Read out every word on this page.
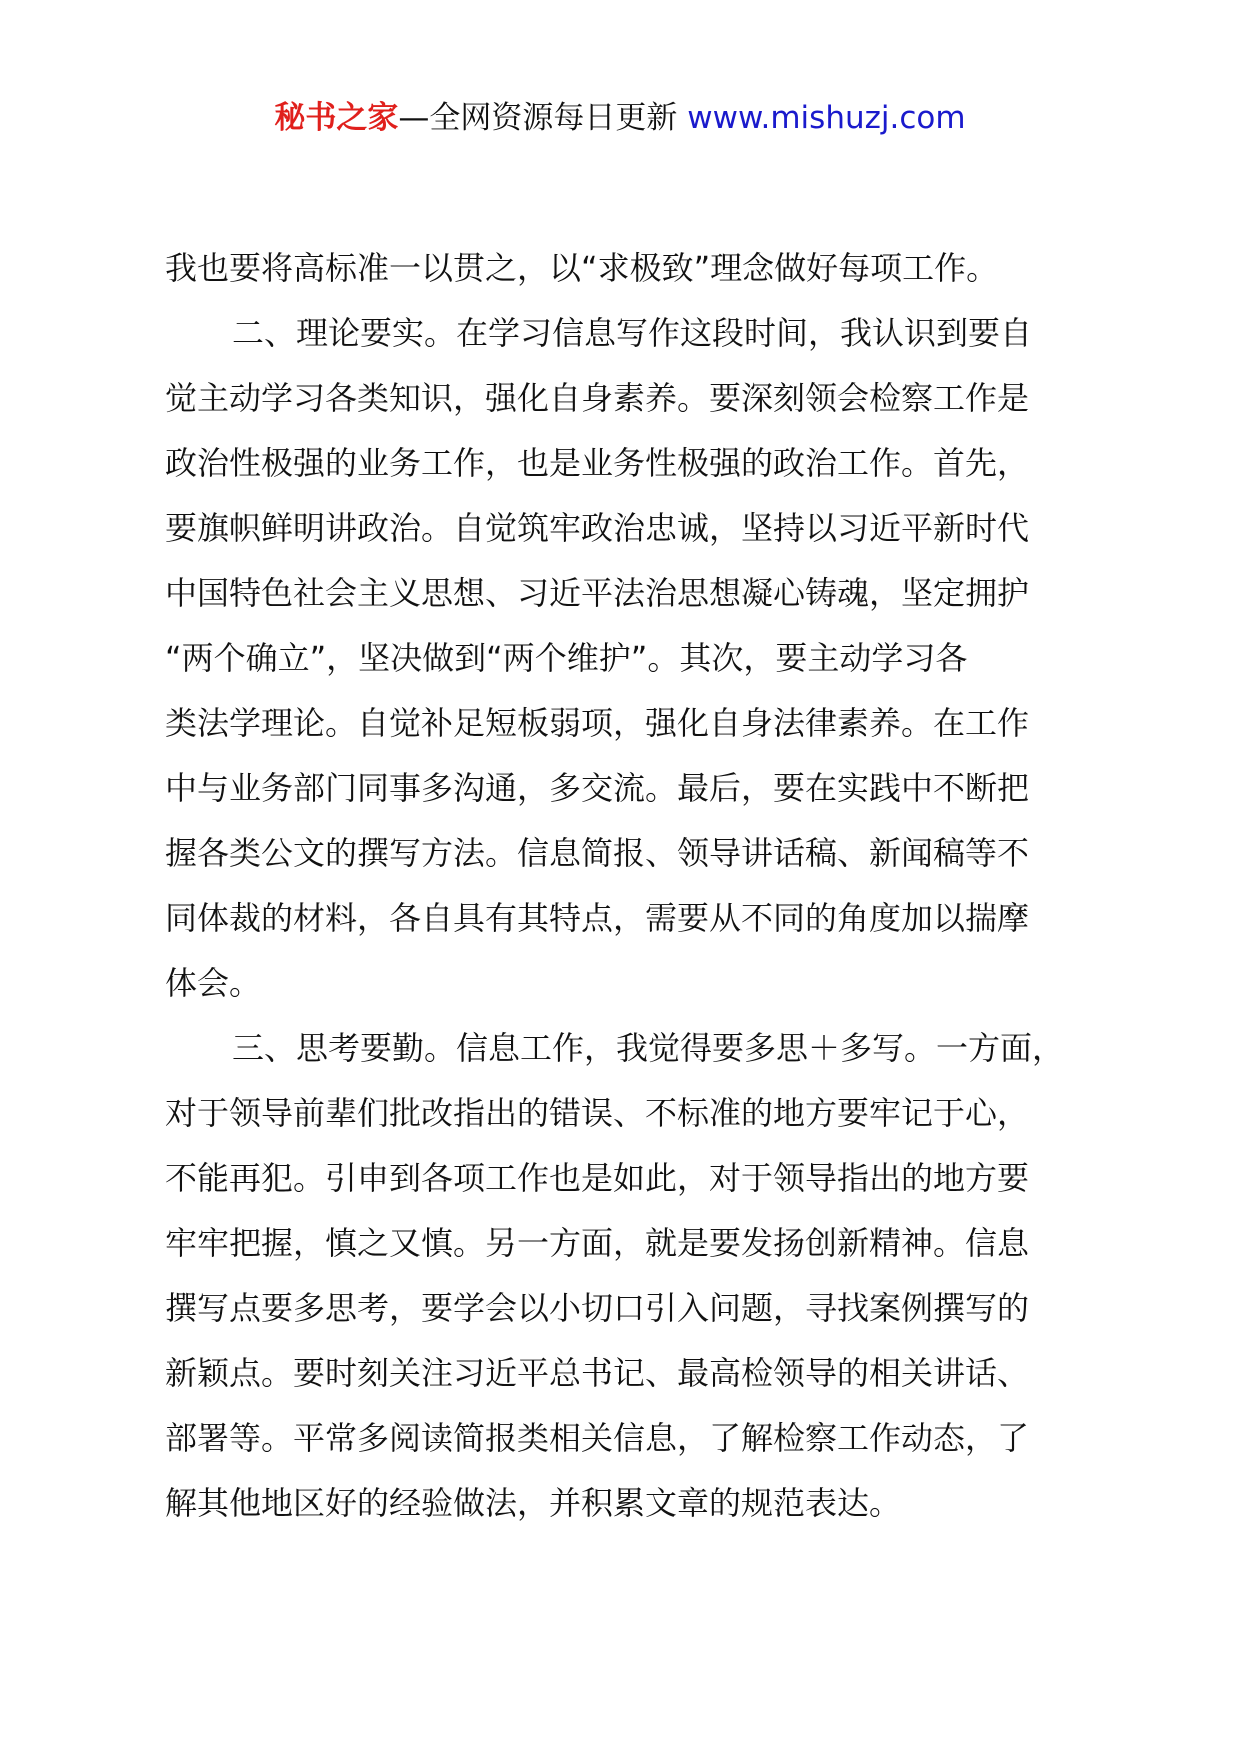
秘书之家—全网资源每日更新 www.mishuzj.com
我也要将高标准一以贯之，以“求极致”理念做好每项工作。
二、理论要实。在学习信息写作这段时间，我认识到要自
觉主动学习各类知识，强化自身素养。要深刻领会检察工作是
政治性极强的业务工作，也是业务性极强的政治工作。首先，
要旗帜鲜明讲政治。自觉筑牢政治忠诚，坚持以习近平新时代
中国特色社会主义思想、习近平法治思想凝心铸魂，坚定拥护
“两个确立”，坚决做到“两个维护”。其次，要主动学习各
类法学理论。自觉补足短板弱项，强化自身法律素养。在工作
中与业务部门同事多沟通，多交流。最后，要在实践中不断把
握各类公文的撰写方法。信息简报、领导讲话稿、新闻稿等不
同体裁的材料，各自具有其特点，需要从不同的角度加以揣摩
体会。
三、思考要勤。信息工作，我觉得要多思＋多写。一方面，
对于领导前辈们批改指出的错误、不标准的地方要牢记于心，
不能再犯。引申到各项工作也是如此，对于领导指出的地方要
牢牢把握，慎之又慎。另一方面，就是要发扬创新精神。信息
撰写点要多思考，要学会以小切口引入问题，寻找案例撰写的
新颖点。要时刻关注习近平总书记、最高检领导的相关讲话、
部署等。平常多阅读简报类相关信息，了解检察工作动态，了
解其他地区好的经验做法，并积累文章的规范表达。
